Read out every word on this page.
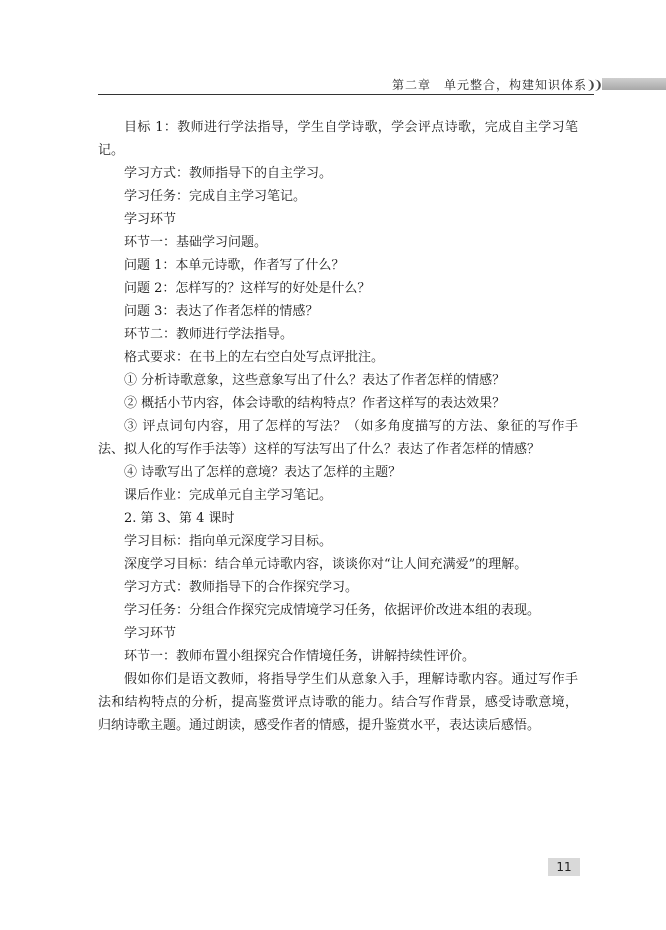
第二章　单元整合，构建知识体系
❩❩

目标 1：教师进行学法指导，学生自学诗歌，学会评点诗歌，完成自主学习笔记。

学习方式：教师指导下的自主学习。

学习任务：完成自主学习笔记。

学习环节

环节一：基础学习问题。

问题 1：本单元诗歌，作者写了什么？

问题 2：怎样写的？这样写的好处是什么？

问题 3：表达了作者怎样的情感？

环节二：教师进行学法指导。

格式要求：在书上的左右空白处写点评批注。

① 分析诗歌意象，这些意象写出了什么？表达了作者怎样的情感？

② 概括小节内容，体会诗歌的结构特点？作者这样写的表达效果？

③ 评点词句内容，用了怎样的写法？（如多角度描写的方法、象征的写作手法、拟人化的写作手法等）这样的写法写出了什么？表达了作者怎样的情感？

④ 诗歌写出了怎样的意境？表达了怎样的主题？

课后作业：完成单元自主学习笔记。

2. 第 3、第 4 课时

学习目标：指向单元深度学习目标。

深度学习目标：结合单元诗歌内容，谈谈你对“让人间充满爱”的理解。

学习方式：教师指导下的合作探究学习。

学习任务：分组合作探究完成情境学习任务，依据评价改进本组的表现。

学习环节

环节一：教师布置小组探究合作情境任务，讲解持续性评价。

假如你们是语文教师，将指导学生们从意象入手，理解诗歌内容。通过写作手法和结构特点的分析，提高鉴赏评点诗歌的能力。结合写作背景，感受诗歌意境，归纳诗歌主题。通过朗读，感受作者的情感，提升鉴赏水平，表达读后感悟。

11
